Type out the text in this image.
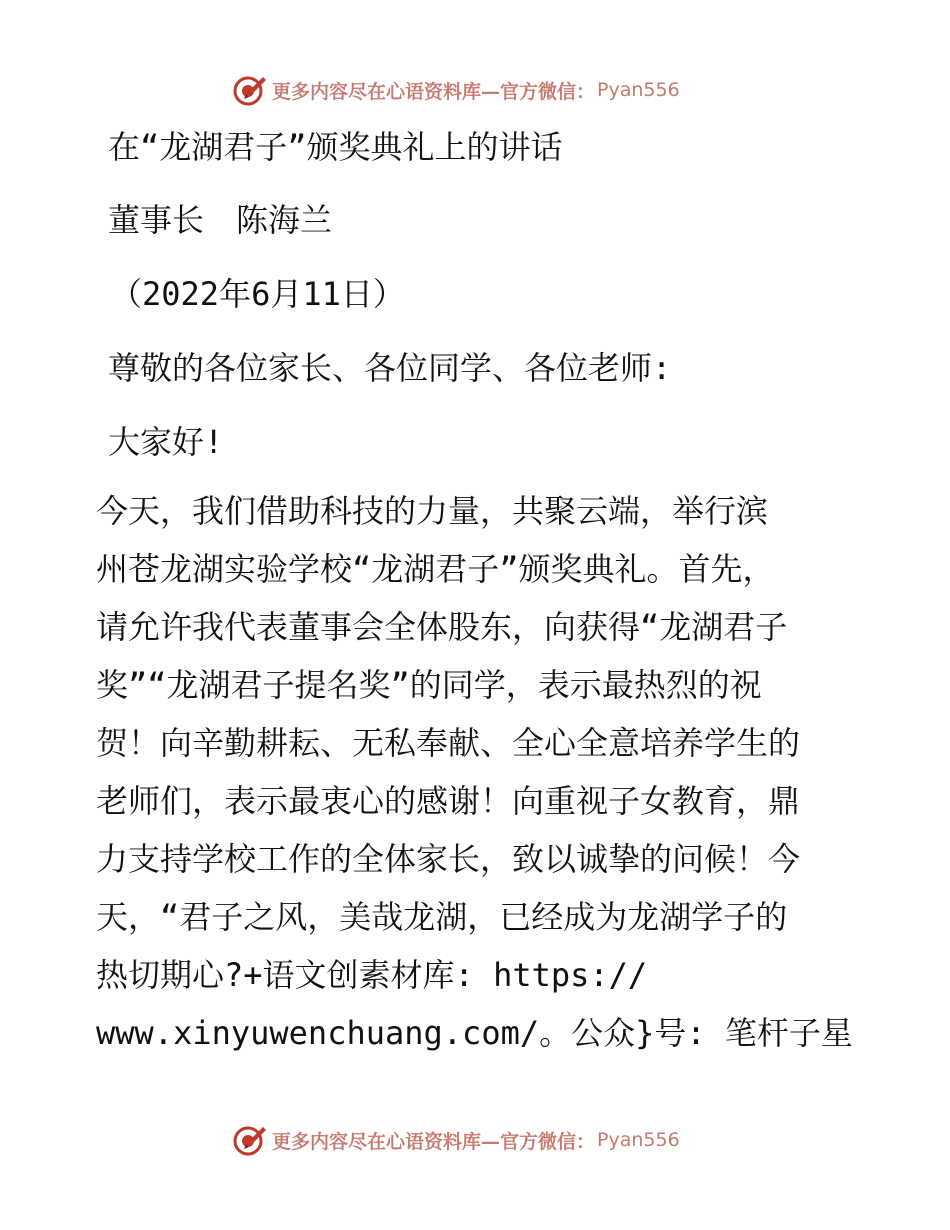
更多内容尽在心语资料库—官方微信： Pyan556
在“龙湖君子”颁奖典礼上的讲话
董事长　陈海兰
（2022年6月11日）
尊敬的各位家长、各位同学、各位老师:
大家好!
今天，我们借助科技的力量，共聚云端，举行滨
州苍龙湖实验学校“龙湖君子”颁奖典礼。首先，
请允许我代表董事会全体股东，向获得“龙湖君子
奖”“龙湖君子提名奖”的同学，表示最热烈的祝
贺！向辛勤耕耘、无私奉献、全心全意培养学生的
老师们，表示最衷心的感谢！向重视子女教育，鼎
力支持学校工作的全体家长，致以诚挚的问候！今
天，“君子之风，美哉龙湖，已经成为龙湖学子的
热切期心?+语文创素材库: https://
www.xinyuwenchuang.com/。公众}号: 笔杆子星
更多内容尽在心语资料库—官方微信： Pyan556
